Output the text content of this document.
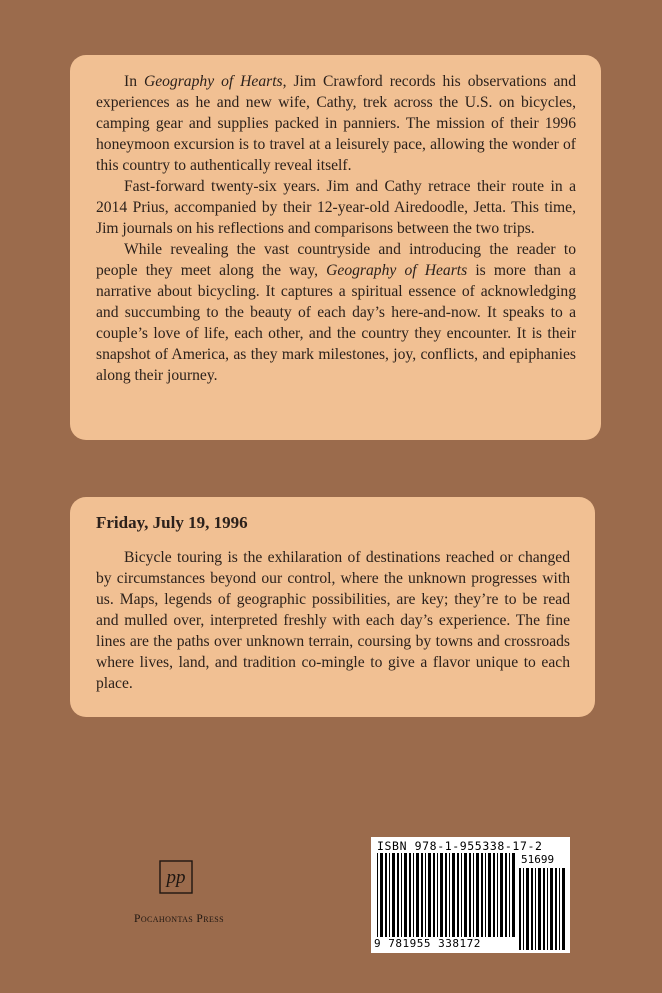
In Geography of Hearts, Jim Crawford records his observations and experiences as he and new wife, Cathy, trek across the U.S. on bicycles, camping gear and supplies packed in panniers. The mission of their 1996 honeymoon excursion is to travel at a leisurely pace, allowing the wonder of this country to authentically reveal itself.

Fast-forward twenty-six years. Jim and Cathy retrace their route in a 2014 Prius, accompanied by their 12-year-old Airedoodle, Jetta. This time, Jim journals on his reflections and comparisons between the two trips.

While revealing the vast countryside and introducing the reader to people they meet along the way, Geography of Hearts is more than a narrative about bicycling. It captures a spiritual essence of acknowledging and succumbing to the beauty of each day’s here-and-now. It speaks to a couple’s love of life, each other, and the country they encounter. It is their snapshot of America, as they mark milestones, joy, conflicts, and epiphanies along their journey.

Friday, July 19, 1996

Bicycle touring is the exhilaration of destinations reached or changed by circumstances beyond our control, where the unknown progresses with us. Maps, legends of geographic possibilities, are key; they’re to be read and mulled over, interpreted freshly with each day’s experience. The fine lines are the paths over unknown terrain, coursing by towns and crossroads where lives, land, and tradition co-mingle to give a flavor unique to each place.

pp
Pocahontas Press
ISBN 978-1-955338-17-2
51699
9 781955 338172
